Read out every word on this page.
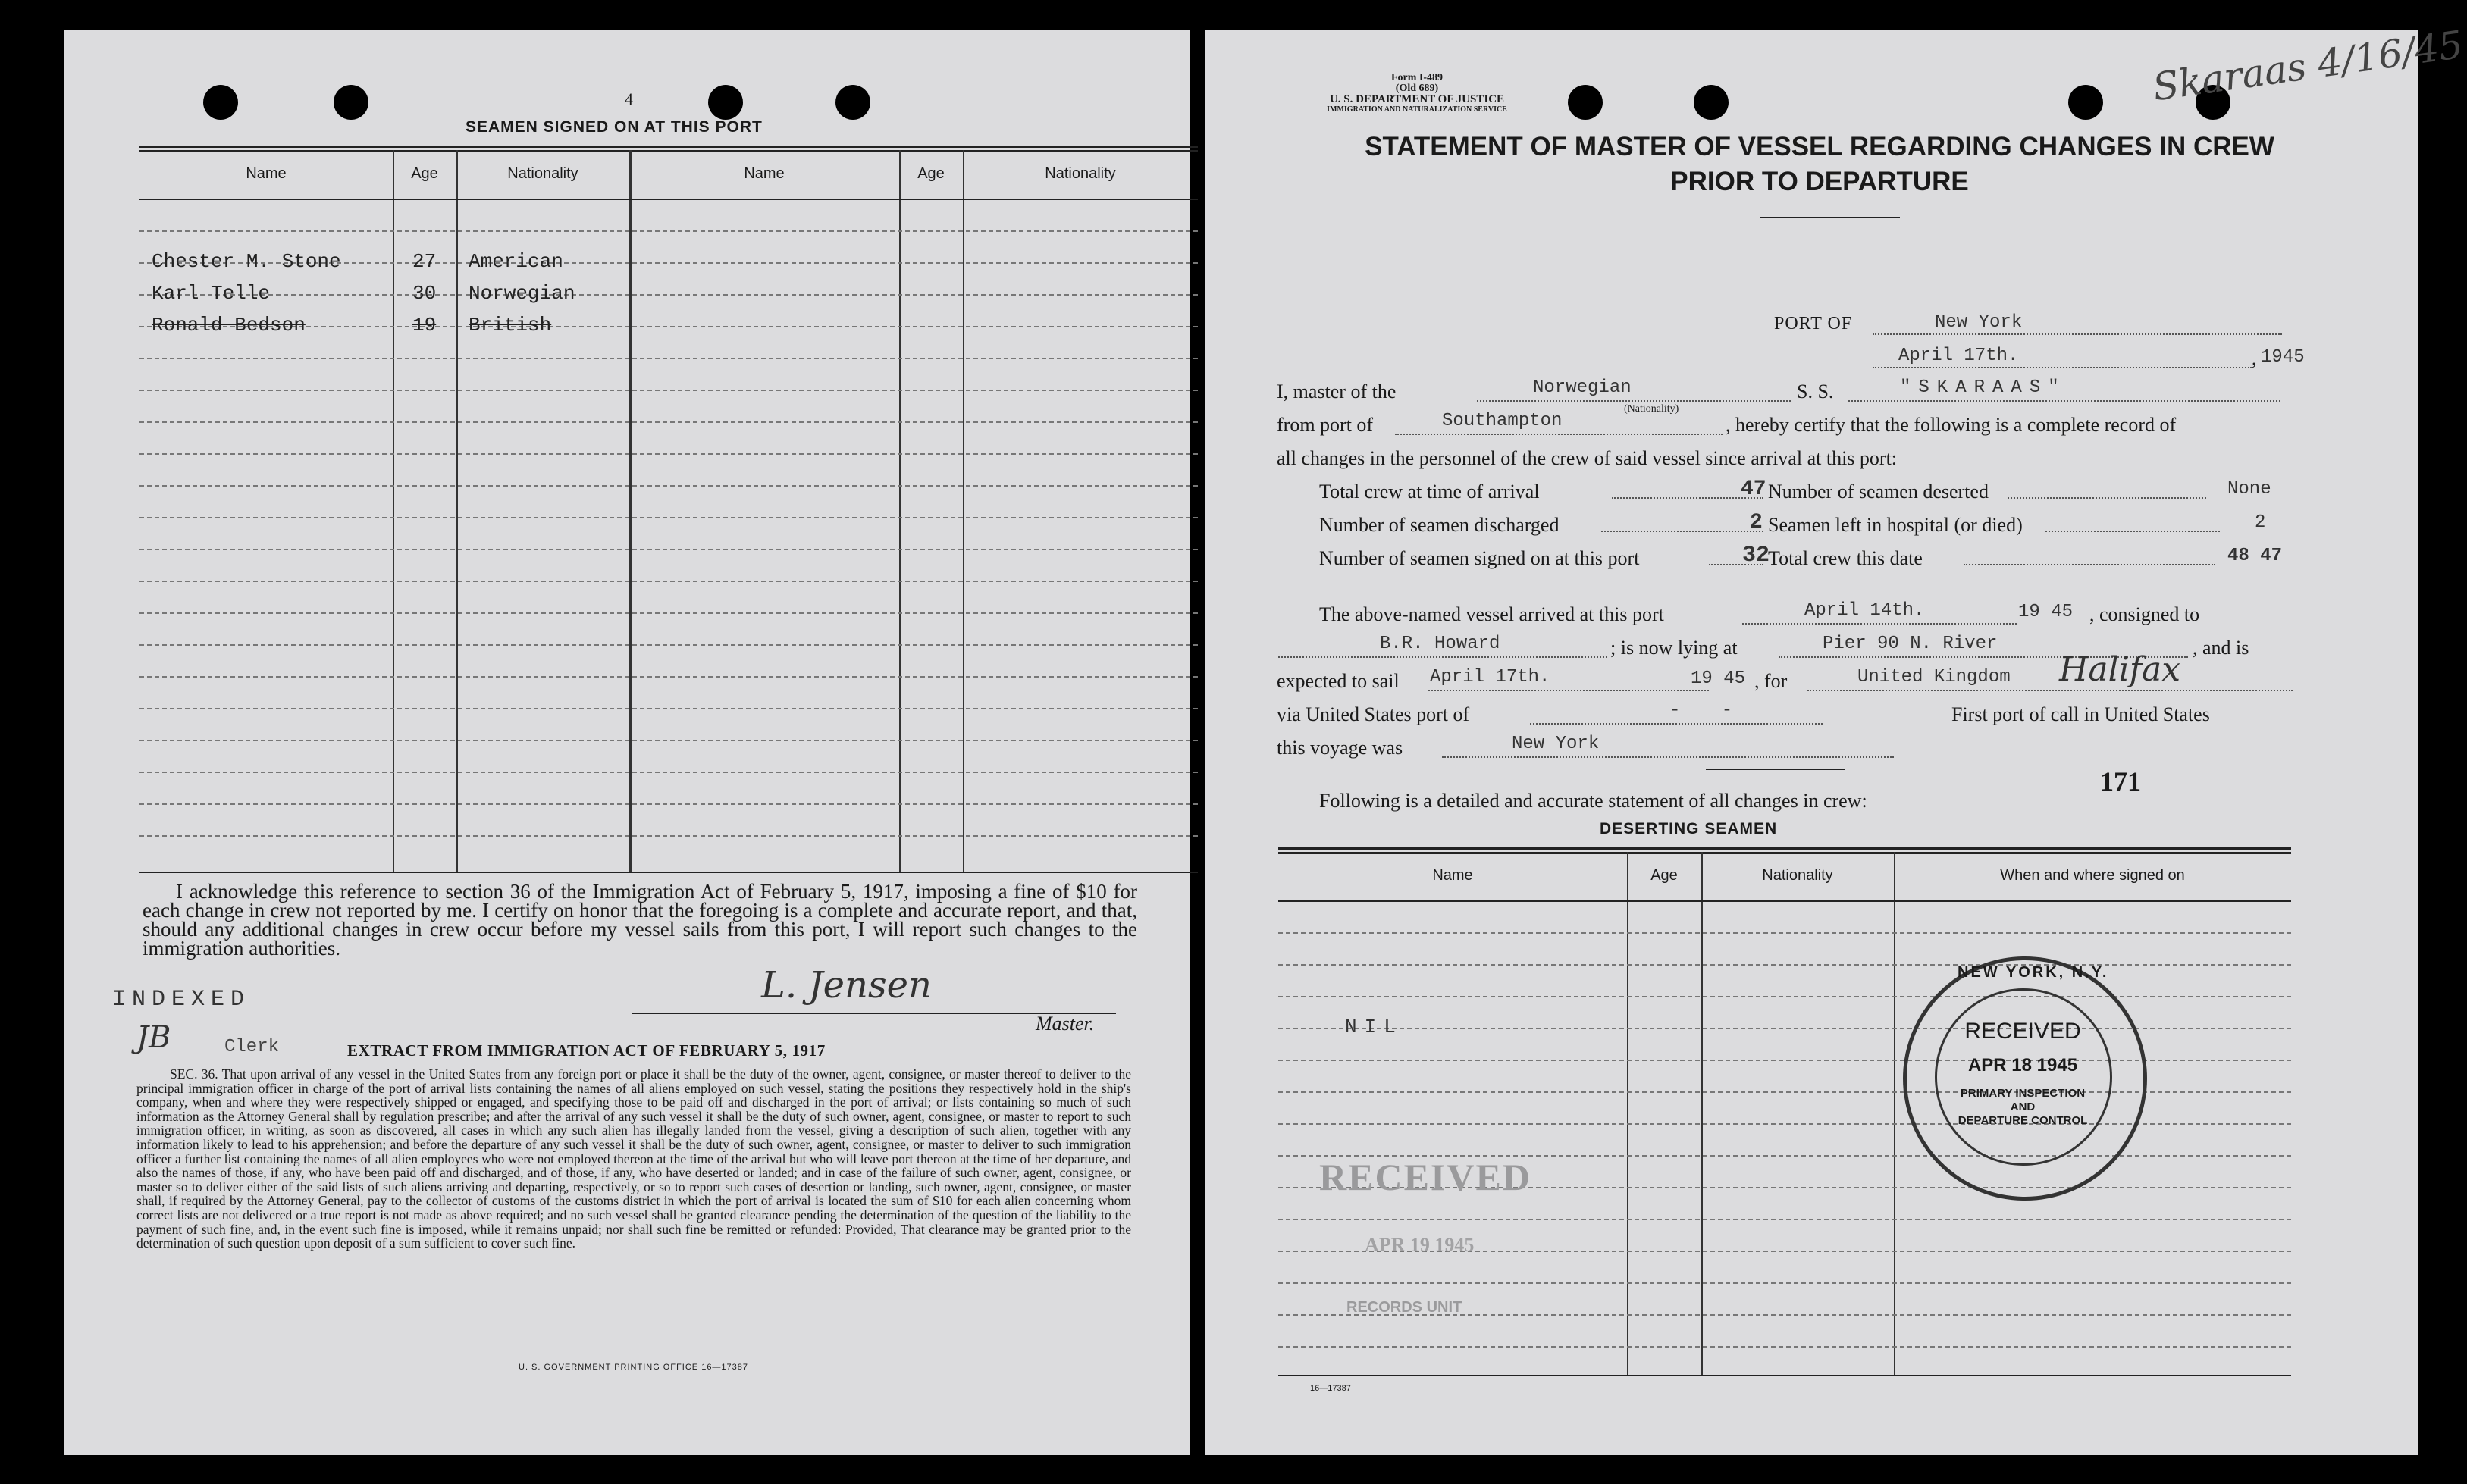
4
SEAMEN SIGNED ON AT THIS PORT
Name	Age	Nationality	Name	Age	Nationality
Chester M. Stone	27 American
Karl Telle	30 Norwegian
Ronald Bedson	19 British
I acknowledge this reference to section 36 of the Immigration Act of February 5, 1917, imposing a fine of $10 for each change in crew not reported by me. I certify on honor that the foregoing is a complete and accurate report, and that, should any additional changes in crew occur before my vessel sails from this port, I will report such changes to the immigration authorities.
L. Jensen
Master.
INDEXED
JB	Clerk	EXTRACT FROM IMMIGRATION ACT OF FEBRUARY 5, 1917
SEC. 36. That upon arrival of any vessel in the United States from any foreign port or place it shall be the duty of the owner, agent, consignee, or master thereof to deliver to the principal immigration officer in charge of the port of arrival lists containing the names of all aliens employed on such vessel, stating the positions they respectively hold in the ship's company, when and where they were respectively shipped or engaged, and specifying those to be paid off and discharged in the port of arrival; or lists containing so much of such information as the Attorney General shall by regulation prescribe; and after the arrival of any such vessel it shall be the duty of such owner, agent, consignee, or master to report to such immigration officer, in writing, as soon as discovered, all cases in which any such alien has illegally landed from the vessel, giving a description of such alien, together with any information likely to lead to his apprehension; and before the departure of any such vessel it shall be the duty of such owner, agent, consignee, or master to deliver to such immigration officer a further list containing the names of all alien employees who were not employed thereon at the time of the arrival but who will leave port thereon at the time of her departure, and also the names of those, if any, who have been paid off and discharged, and of those, if any, who have deserted or landed; and in case of the failure of such owner, agent, consignee, or master so to deliver either of the said lists of such aliens arriving and departing, respectively, or so to report such cases of desertion or landing, such owner, agent, consignee, or master shall, if required by the Attorney General, pay to the collector of customs of the customs district in which the port of arrival is located the sum of $10 for each alien concerning whom correct lists are not delivered or a true report is not made as above required; and no such vessel shall be granted clearance pending the determination of the question of the liability to the payment of such fine, and, in the event such fine is imposed, while it remains unpaid; nor shall such fine be remitted or refunded: Provided, That clearance may be granted prior to the determination of such question upon deposit of a sum sufficient to cover such fine.
U. S. GOVERNMENT PRINTING OFFICE 16—17387
Form I-489
(Old 689)
U. S. DEPARTMENT OF JUSTICE
IMMIGRATION AND NATURALIZATION SERVICE
Skaraas 4/16/45
STATEMENT OF MASTER OF VESSEL REGARDING CHANGES IN CREW
PRIOR TO DEPARTURE
PORT OF	New York
April 17th.	, 1945
I, master of the	Norwegian
(Nationality)
S. S.	"SKARAAS"
from port of	Southampton	, hereby certify that the following is a complete record of
all changes in the personnel of the crew of said vessel since arrival at this port:
Total crew at time of arrival	47
Number of seamen discharged	2
Number of seamen signed on at this port	32
Number of seamen deserted	None
Seamen left in hospital (or died)	2
Total crew this date	48 47
The above-named vessel arrived at this port	April 14th.	19 45 , consigned to
B.R. Howard	; is now lying at	Pier 90 N. River	, and is
expected to sail April 17th.	19 45 , for	United Kingdom Halifax
via United States port of	- -	First port of call in United States
this voyage was	New York
171
Following is a detailed and accurate statement of all changes in crew:
DESERTING SEAMEN
Name	Age	Nationality	When and where signed on
NIL
RECEIVED
APR 19 1945
RECORDS UNIT
NEW YORK, N.Y.
RECEIVED
APR 18 1945
PRIMARY INSPECTION
AND
DEPARTURE CONTROL
16—17387
